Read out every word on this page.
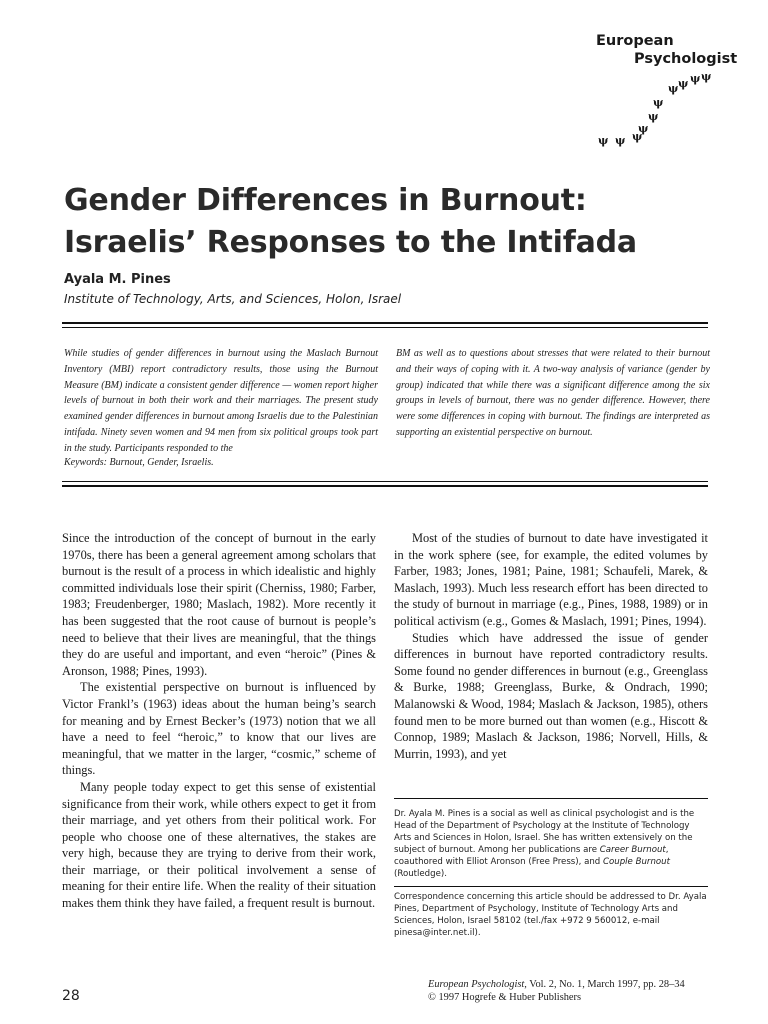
European
Psychologist
ψ
ψ
ψ
ψ
ψ
ψ
ψ
ψ
ψ
ψ
Gender Differences in Burnout:
Israelis’ Responses to the Intifada
Ayala M. Pines
Institute of Technology, Arts, and Sciences, Holon, Israel
While studies of gender differences in burnout using the Maslach Burnout Inventory (MBI) report contradictory results, those using the Burnout Measure (BM) indicate a consistent gender difference — women report higher levels of burnout in both their work and their marriages. The present study examined gender differences in burnout among Israelis due to the Palestinian intifada. Ninety seven women and 94 men from six political groups took part in the study. Participants responded to the
BM as well as to questions about stresses that were related to their burnout and their ways of coping with it. A two-way analysis of variance (gender by group) indicated that while there was a significant difference among the six groups in levels of burnout, there was no gender difference. However, there were some differences in coping with burnout. The findings are interpreted as supporting an existential perspective on burnout.
Keywords: Burnout, Gender, Israelis.

Since the introduction of the concept of burnout in the early 1970s, there has been a general agreement among scholars that burnout is the result of a process in which idealistic and highly committed individuals lose their spirit (Cherniss, 1980; Farber, 1983; Freudenberger, 1980; Maslach, 1982). More recently it has been suggested that the root cause of burnout is people’s need to believe that their lives are meaningful, that the things they do are useful and important, and even “heroic” (Pines & Aronson, 1988; Pines, 1993).

The existential perspective on burnout is influenced by Victor Frankl’s (1963) ideas about the human being’s search for meaning and by Ernest Becker’s (1973) notion that we all have a need to feel “heroic,” to know that our lives are meaningful, that we matter in the larger, “cosmic,” scheme of things.

Many people today expect to get this sense of existential significance from their work, while others expect to get it from their marriage, and yet others from their political work. For people who choose one of these alternatives, the stakes are very high, because they are trying to derive from their work, their marriage, or their political involvement a sense of meaning for their entire life. When the reality of their situation makes them think they have failed, a frequent result is burnout.

Most of the studies of burnout to date have investigated it in the work sphere (see, for example, the edited volumes by Farber, 1983; Jones, 1981; Paine, 1981; Schaufeli, Marek, & Maslach, 1993). Much less research effort has been directed to the study of burnout in marriage (e.g., Pines, 1988, 1989) or in political activism (e.g., Gomes & Maslach, 1991; Pines, 1994).

Studies which have addressed the issue of gender differences in burnout have reported contradictory results. Some found no gender differences in burnout (e.g., Greenglass & Burke, 1988; Greenglass, Burke, & Ondrach, 1990; Malanowski & Wood, 1984; Maslach & Jackson, 1985), others found men to be more burned out than women (e.g., Hiscott & Connop, 1989; Maslach & Jackson, 1986; Norvell, Hills, & Murrin, 1993), and yet

Dr. Ayala M. Pines is a social as well as clinical psychologist and is the Head of the Department of Psychology at the Institute of Technology Arts and Sciences in Holon, Israel. She has written extensively on the subject of burnout. Among her publications are Career Burnout, coauthored with Elliot Aronson (Free Press), and Couple Burnout (Routledge).
Correspondence concerning this article should be addressed to Dr. Ayala Pines, Department of Psychology, Institute of Technology Arts and Sciences, Holon, Israel 58102 (tel./fax +972 9 560012, e-mail pinesa@inter.net.il).
28
European Psychologist, Vol. 2, No. 1, March 1997, pp. 28–34
© 1997 Hogrefe & Huber Publishers
